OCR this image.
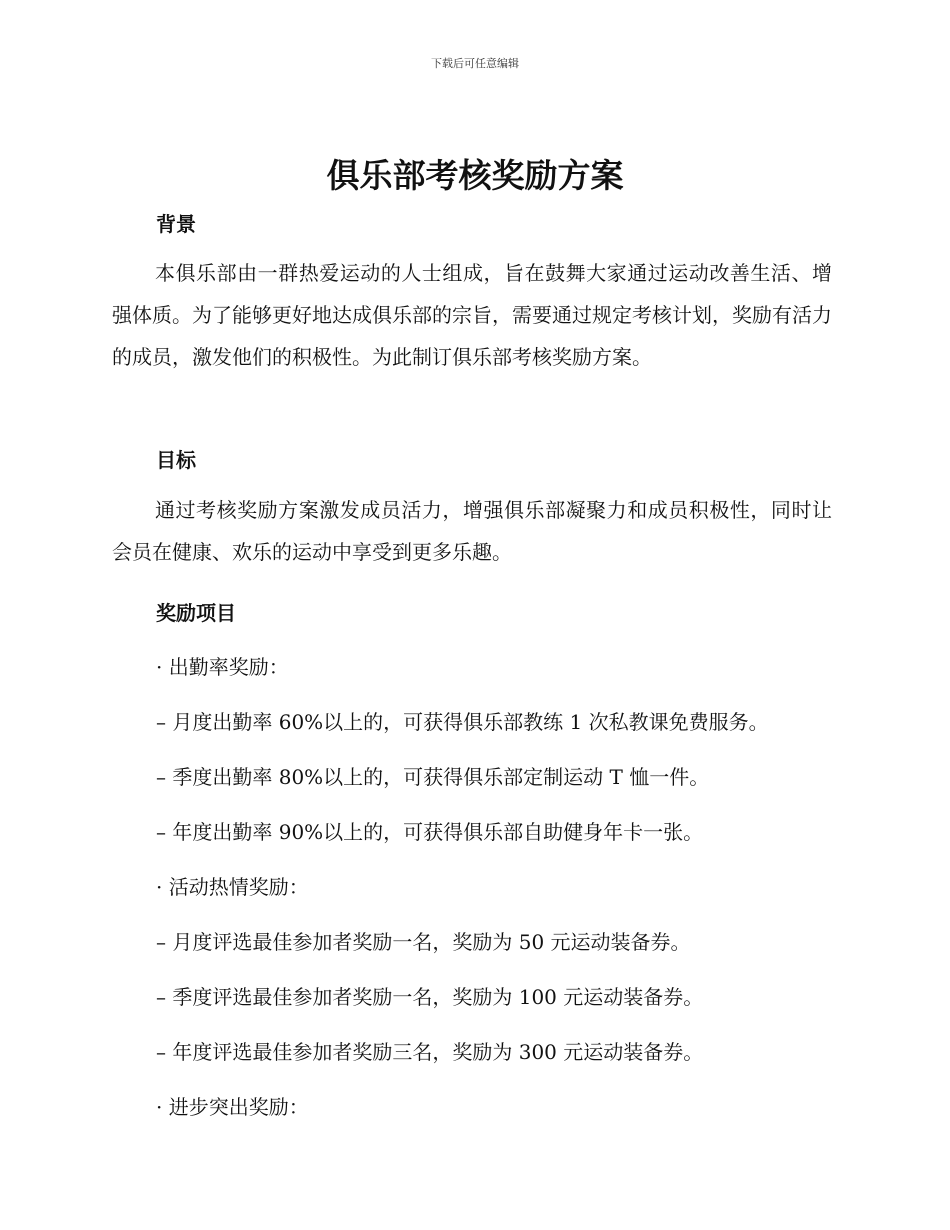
下载后可任意编辑
俱乐部考核奖励方案
背景
本俱乐部由一群热爱运动的人士组成，旨在鼓舞大家通过运动改善生活、增强体质。为了能够更好地达成俱乐部的宗旨，需要通过规定考核计划，奖励有活力的成员，激发他们的积极性。为此制订俱乐部考核奖励方案。
目标
通过考核奖励方案激发成员活力，增强俱乐部凝聚力和成员积极性，同时让会员在健康、欢乐的运动中享受到更多乐趣。
奖励项目
· 出勤率奖励：
– 月度出勤率 60%以上的，可获得俱乐部教练 1 次私教课免费服务。
– 季度出勤率 80%以上的，可获得俱乐部定制运动 T 恤一件。
– 年度出勤率 90%以上的，可获得俱乐部自助健身年卡一张。
· 活动热情奖励：
– 月度评选最佳参加者奖励一名，奖励为 50 元运动装备券。
– 季度评选最佳参加者奖励一名，奖励为 100 元运动装备券。
– 年度评选最佳参加者奖励三名，奖励为 300 元运动装备券。
· 进步突出奖励：
